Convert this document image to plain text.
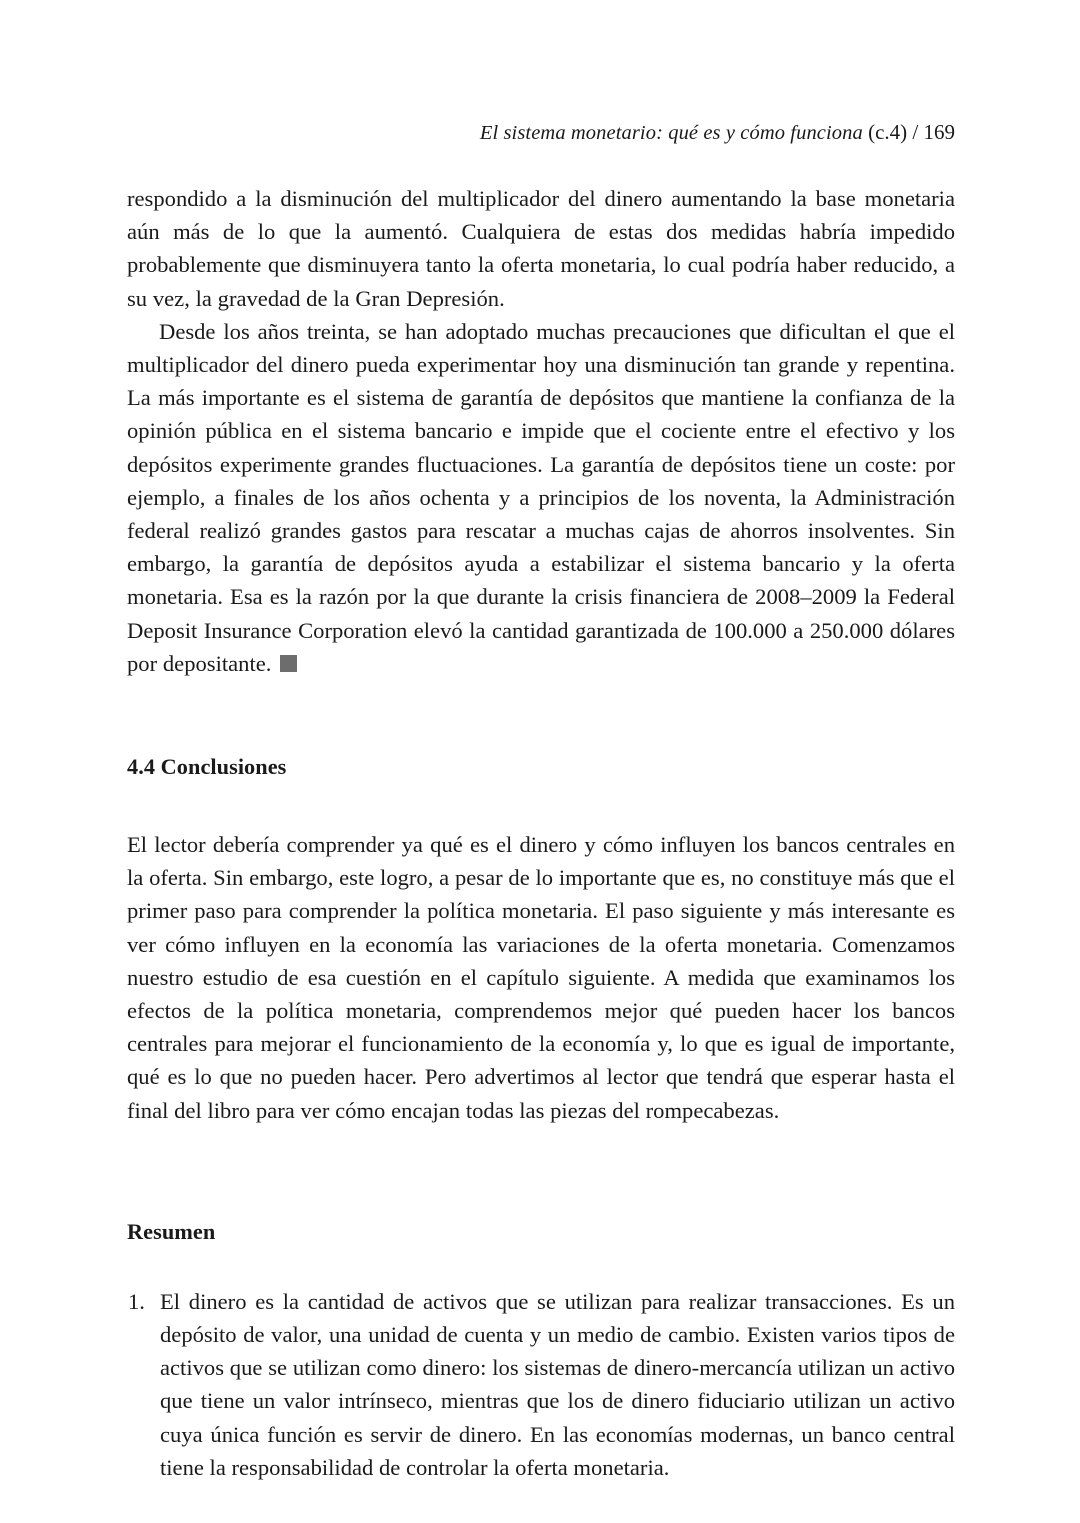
El sistema monetario: qué es y cómo funciona (c.4) / 169

respondido a la disminución del multiplicador del dinero aumentando la base monetaria aún más de lo que la aumentó. Cualquiera de estas dos medidas habría impedido probablemente que disminuyera tanto la oferta monetaria, lo cual podría haber reducido, a su vez, la gravedad de la Gran Depresión.

Desde los años treinta, se han adoptado muchas precauciones que dificultan el que el multiplicador del dinero pueda experimentar hoy una disminución tan grande y repentina. La más importante es el sistema de garantía de depósitos que mantiene la confianza de la opinión pública en el sistema bancario e impide que el cociente entre el efectivo y los depósitos experimente grandes fluctuaciones. La garantía de depósitos tiene un coste: por ejemplo, a finales de los años ochenta y a principios de los noventa, la Administración federal realizó grandes gastos para rescatar a muchas cajas de ahorros insolventes. Sin embargo, la garantía de depósitos ayuda a estabilizar el sistema bancario y la oferta monetaria. Esa es la razón por la que durante la crisis financiera de 2008–2009 la Federal Deposit Insurance Corporation elevó la cantidad garantizada de 100.000 a 250.000 dólares por depositante.

4.4 Conclusiones

El lector debería comprender ya qué es el dinero y cómo influyen los bancos centrales en la oferta. Sin embargo, este logro, a pesar de lo importante que es, no constituye más que el primer paso para comprender la política monetaria. El paso siguiente y más interesante es ver cómo influyen en la economía las variaciones de la oferta monetaria. Comenzamos nuestro estudio de esa cuestión en el capítulo siguiente. A medida que examinamos los efectos de la política monetaria, comprendemos mejor qué pueden hacer los bancos centrales para mejorar el funcionamiento de la economía y, lo que es igual de importante, qué es lo que no pueden hacer. Pero advertimos al lector que tendrá que esperar hasta el final del libro para ver cómo encajan todas las piezas del rompecabezas.

Resumen
1. El dinero es la cantidad de activos que se utilizan para realizar transacciones. Es un depósito de valor, una unidad de cuenta y un medio de cambio. Existen varios tipos de activos que se utilizan como dinero: los sistemas de dinero-mercancía utilizan un activo que tiene un valor intrínseco, mientras que los de dinero fiduciario utilizan un activo cuya única función es servir de dinero. En las economías modernas, un banco central tiene la responsabilidad de controlar la oferta monetaria.
